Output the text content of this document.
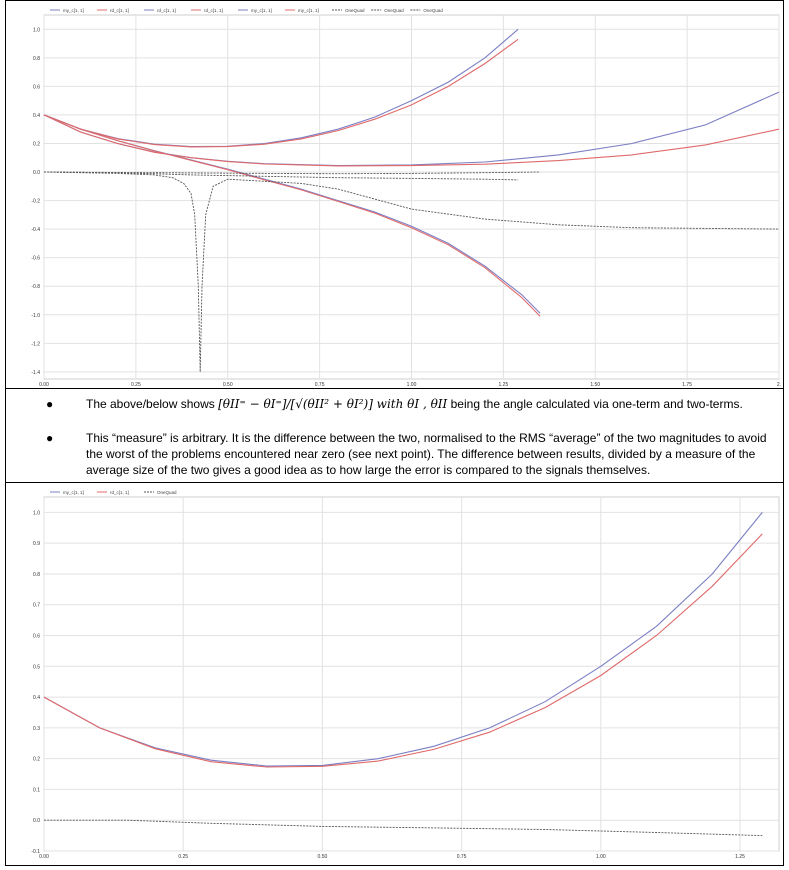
1.0
0.8
0.6
0.4
0.2
0.0
-0.2
-0.4
-0.6
-0.8
-1.0
-1.2
-1.4
0.00	0.25	0.50	0.75	1.00	1.25	1.50	1.75	2.
my_c[1, 1]	rd_c[1, 1]	rd_c[1, 1]	rd_c[1, 1]	my_c[1, 1]	my_c[1, 1]	OneQuad	OneQuad	OneQuad
●	The above/below shows [θII⁼ − θI⁼]/[√(θII² + θI²)] with θI , θII being the angle calculated via one-term and two-terms.
●	This “measure” is arbitrary. It is the difference between the two, normalised to the RMS “average” of the two magnitudes to avoid the worst of the problems encountered near zero (see next point). The difference between results, divided by a measure of the average size of the two gives a good idea as to how large the error is compared to the signals themselves.
1.0
0.9
0.8
0.7
0.6
0.5
0.4
0.3
0.2
0.1
0.0
-0.1
0.00	0.25	0.50	0.75	1.00	1.25
my_c[1, 1]	rd_c[1, 1]	OneQuad
